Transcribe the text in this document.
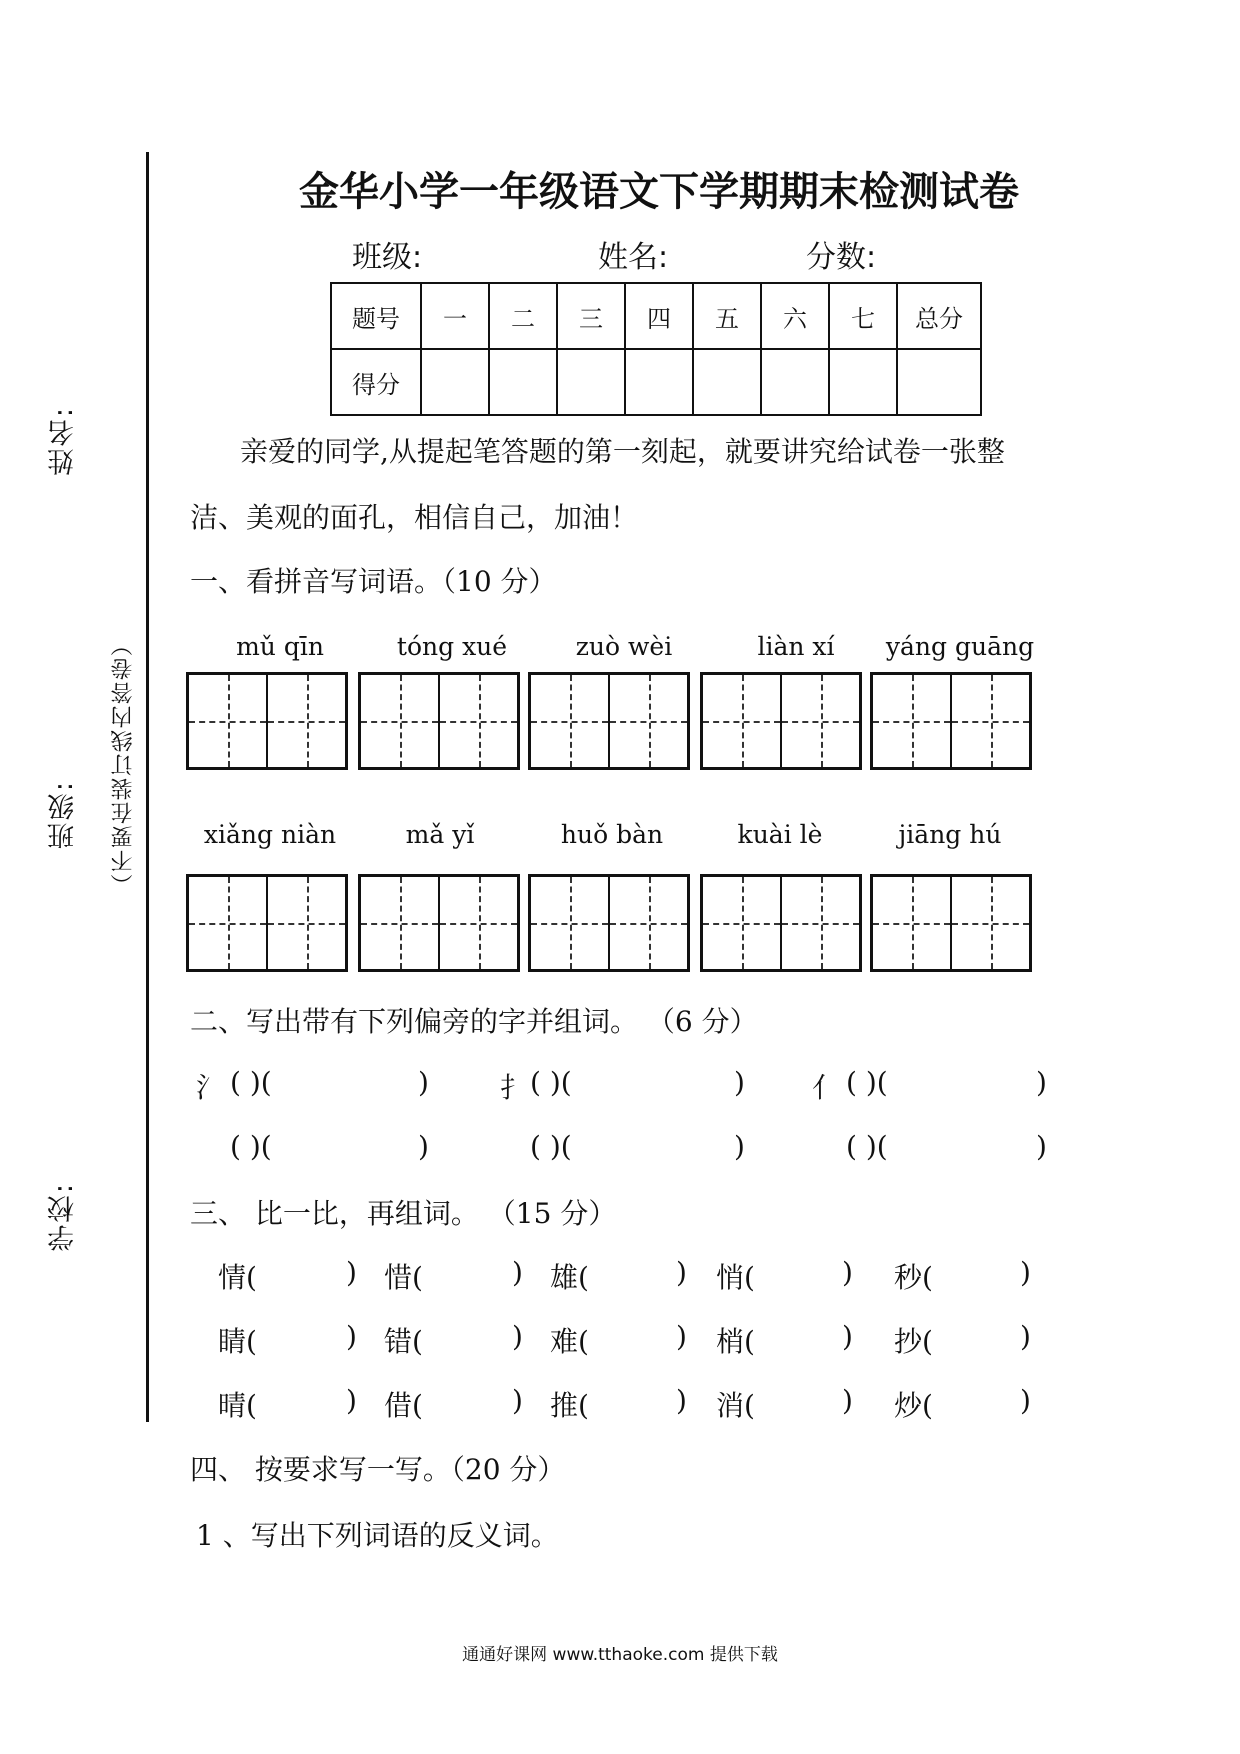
姓名:
班级:
学校:
（不要在装订线内答卷）
金华小学一年级语文下学期期末检测试卷
班级:	姓名:	分数:
题号	一	二	三	四	五	六	七	总分
得分								
亲爱的同学,从提起笔答题的第一刻起，就要讲究给试卷一张整
洁、美观的面孔，相信自己，加油！
一、看拼音写词语。（10 分）
mǔ qīn	tóng xué	zuò wèi	liàn xí	yáng guāng
xiǎng niàn	mǎ yǐ	huǒ bàn	kuài lè	jiāng hú
二、写出带有下列偏旁的字并组词。 （6 分）
氵 ( )(	)	扌 ( )(	) 亻 ( )(	)
( )(	)	( )(	)	( )(	)
三、 比一比，再组词。 （15 分）
情(	) 惜(	) 雄(	) 悄(	) 秒(	)
睛(	) 错(	) 难(	) 梢(	) 抄(	)
晴(	) 借(	) 推(	) 消(	) 炒(	)
四、 按要求写一写。（20 分）
1 、写出下列词语的反义词。
通通好课网 www.tthaoke.com 提供下载
